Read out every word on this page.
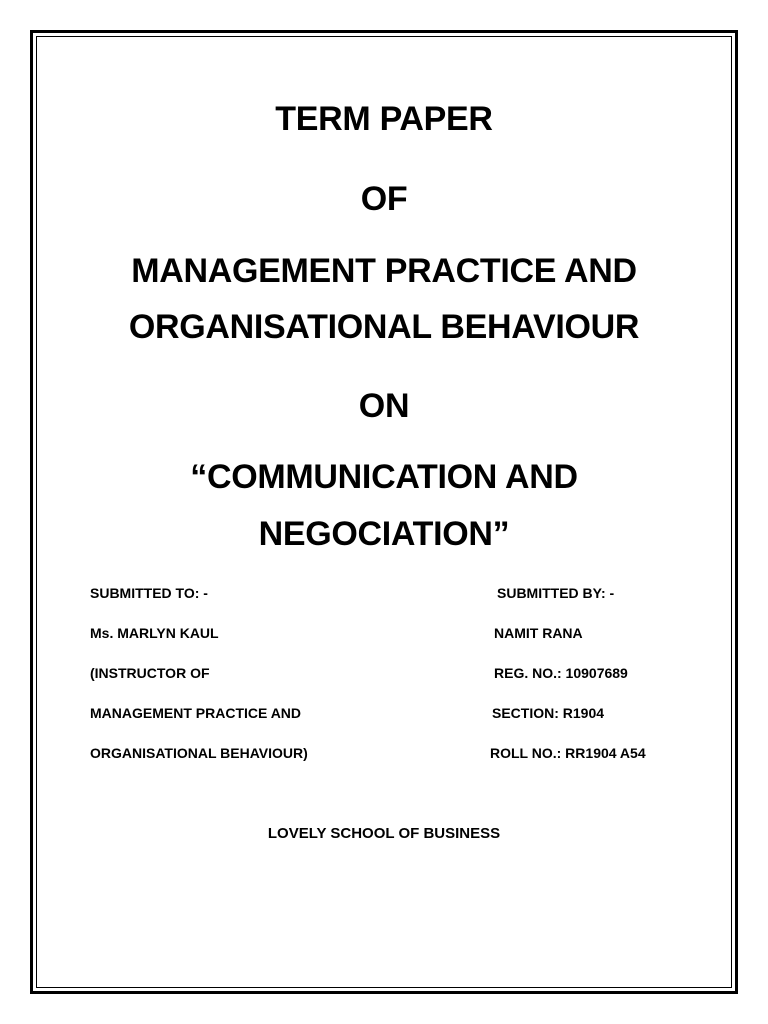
TERM PAPER
OF
MANAGEMENT PRACTICE AND
ORGANISATIONAL BEHAVIOUR
ON
“COMMUNICATION AND
NEGOCIATION”
SUBMITTED TO: -
Ms. MARLYN KAUL
(INSTRUCTOR OF
MANAGEMENT PRACTICE AND
ORGANISATIONAL BEHAVIOUR)
SUBMITTED BY: -
NAMIT RANA
REG. NO.: 10907689
SECTION: R1904
ROLL NO.: RR1904 A54
LOVELY SCHOOL OF BUSINESS
